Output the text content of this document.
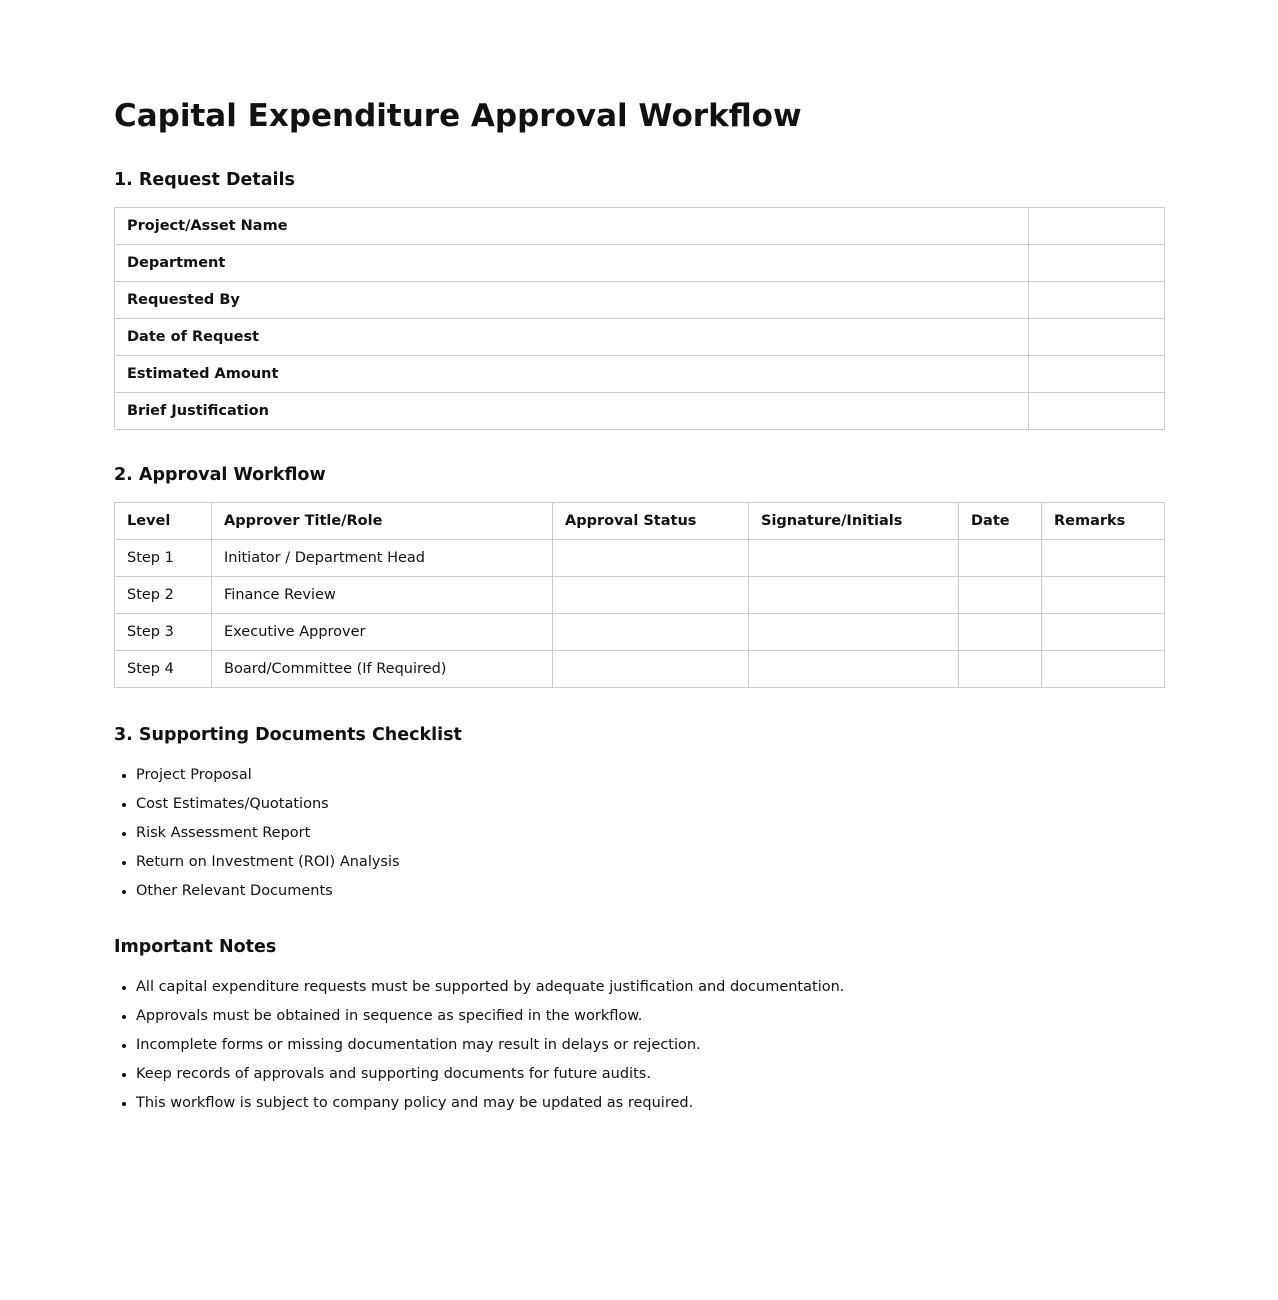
Capital Expenditure Approval Workflow
1. Request Details
Project/Asset Name	
Department	
Requested By	
Date of Request	
Estimated Amount	
Brief Justification	
2. Approval Workflow
Level	Approver Title/Role	Approval Status	Signature/Initials	Date	Remarks
Step 1	Initiator / Department Head				
Step 2	Finance Review				
Step 3	Executive Approver				
Step 4	Board/Committee (If Required)				
3. Supporting Documents Checklist
• Project Proposal
• Cost Estimates/Quotations
• Risk Assessment Report
• Return on Investment (ROI) Analysis
• Other Relevant Documents
Important Notes
• All capital expenditure requests must be supported by adequate justification and documentation.
• Approvals must be obtained in sequence as specified in the workflow.
• Incomplete forms or missing documentation may result in delays or rejection.
• Keep records of approvals and supporting documents for future audits.
• This workflow is subject to company policy and may be updated as required.
